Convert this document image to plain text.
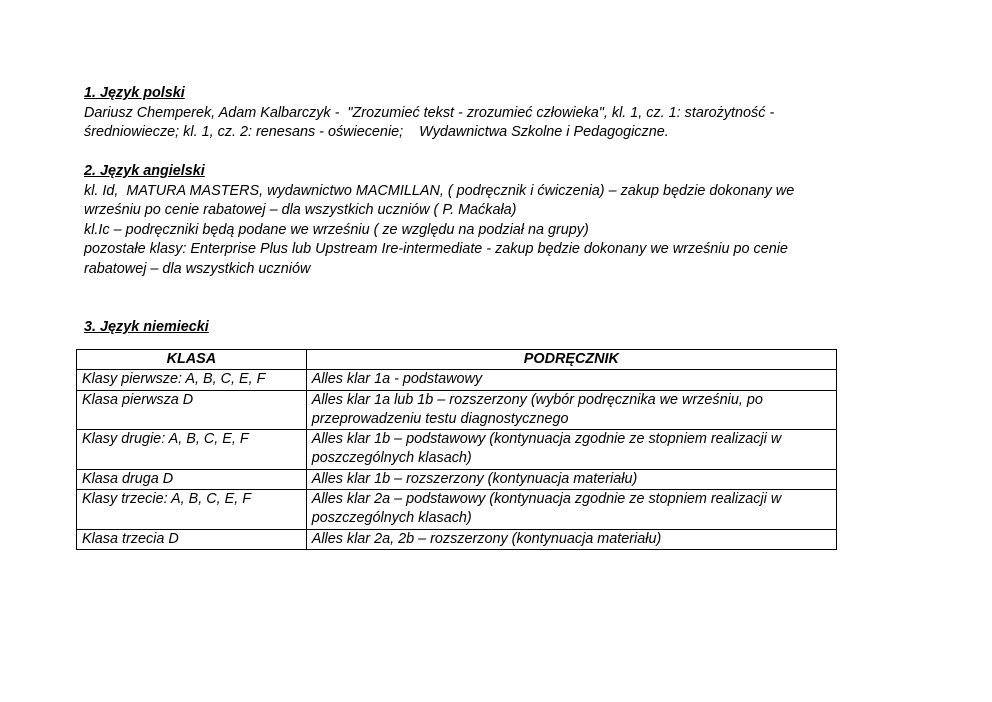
1. Język polski
Dariusz Chemperek, Adam Kalbarczyk -  "Zrozumieć tekst - zrozumieć człowieka", kl. 1, cz. 1: starożytność -
średniowiecze; kl. 1, cz. 2: renesans - oświecenie;    Wydawnictwa Szkolne i Pedagogiczne.
2. Język angielski
kl. Id,  MATURA MASTERS, wydawnictwo MACMILLAN, ( podręcznik i ćwiczenia) – zakup będzie dokonany we
wrześniu po cenie rabatowej – dla wszystkich uczniów ( P. Maćkała)
kl.Ic – podręczniki będą podane we wrześniu ( ze względu na podział na grupy)
pozostałe klasy: Enterprise Plus lub Upstream Ire-intermediate - zakup będzie dokonany we wrześniu po cenie
rabatowej – dla wszystkich uczniów
3. Język niemiecki
KLASA	PODRĘCZNIK
Klasy pierwsze: A, B, C, E, F	Alles klar 1a - podstawowy
Klasa pierwsza D	Alles klar 1a lub 1b – rozszerzony (wybór podręcznika we wrześniu, po przeprowadzeniu testu diagnostycznego
Klasy drugie: A, B, C, E, F	Alles klar 1b – podstawowy (kontynuacja zgodnie ze stopniem realizacji w poszczególnych klasach)
Klasa druga D	Alles klar 1b – rozszerzony (kontynuacja materiału)
Klasy trzecie: A, B, C, E, F	Alles klar 2a – podstawowy (kontynuacja zgodnie ze stopniem realizacji w poszczególnych klasach)
Klasa trzecia D	Alles klar 2a, 2b – rozszerzony (kontynuacja materiału)
